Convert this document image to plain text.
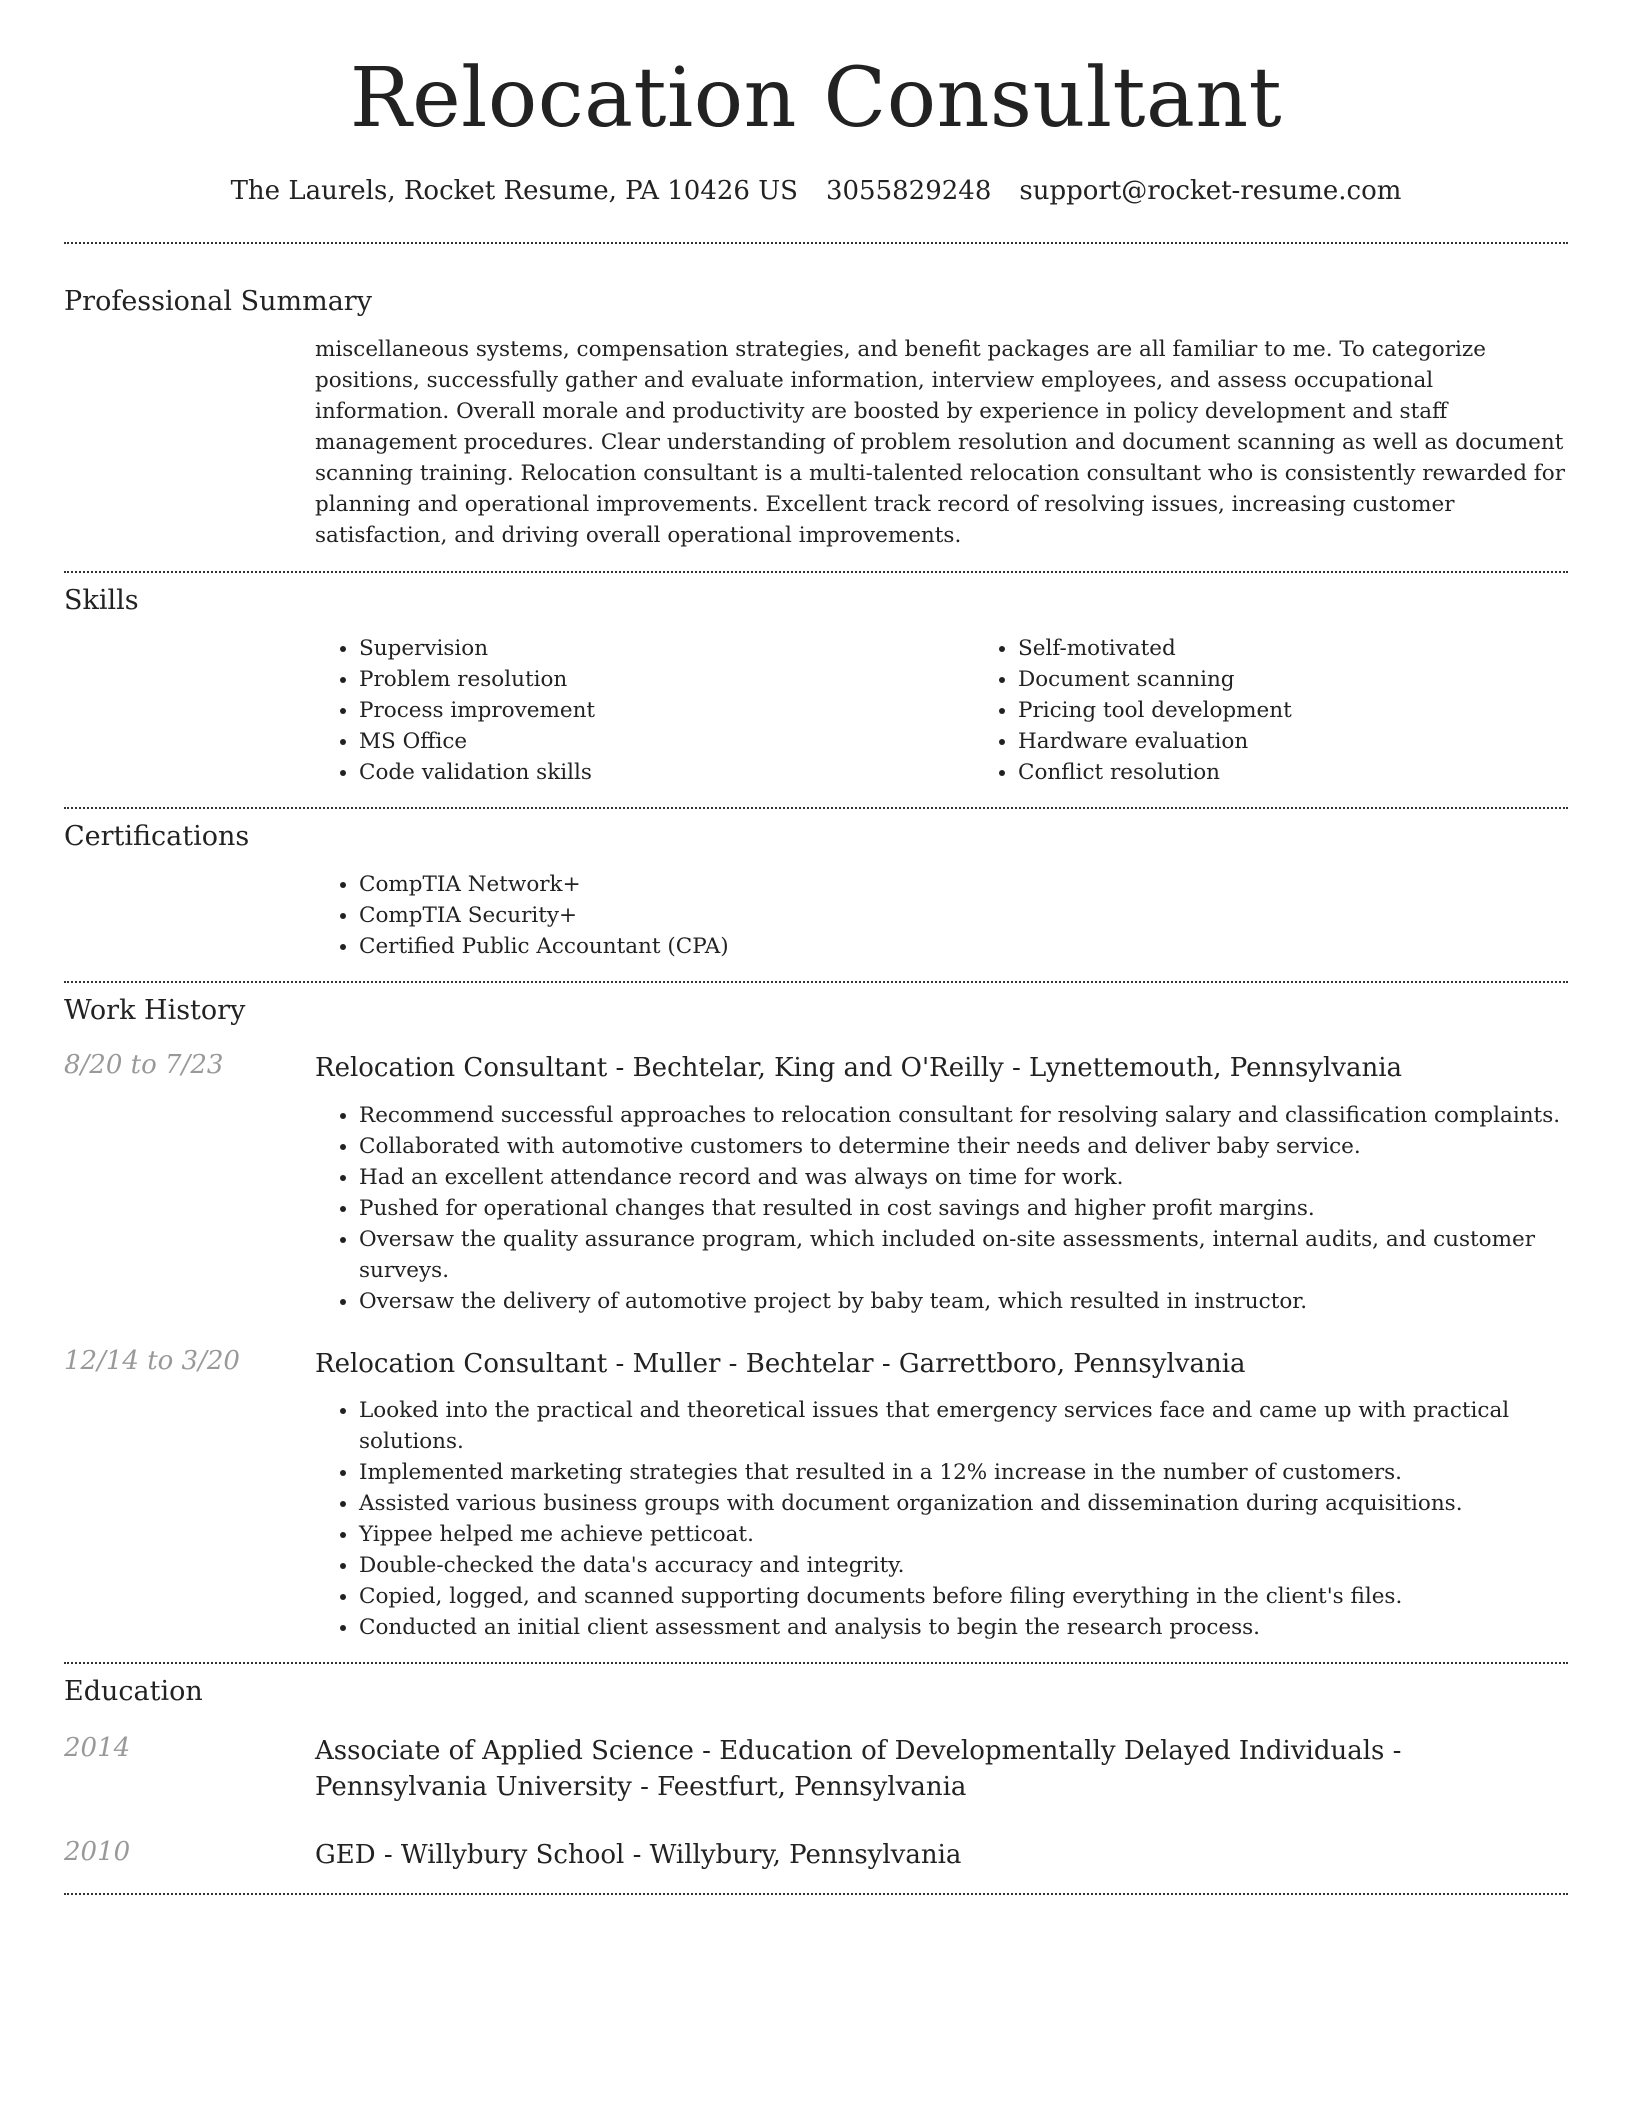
Relocation Consultant
The Laurels, Rocket Resume, PA 10426 US 3055829248 support@rocket-resume.com
Professional Summary

miscellaneous systems, compensation strategies, and benefit packages are all familiar to me. To categorize positions, successfully gather and evaluate information, interview employees, and assess occupational information. Overall morale and productivity are boosted by experience in policy development and staff management procedures. Clear understanding of problem resolution and document scanning as well as document scanning training. Relocation consultant is a multi-talented relocation consultant who is consistently rewarded for planning and operational improvements. Excellent track record of resolving issues, increasing customer satisfaction, and driving overall operational improvements.

Skills
• Supervision
• Problem resolution
• Process improvement
• MS Office
• Code validation skills
• Self-motivated
• Document scanning
• Pricing tool development
• Hardware evaluation
• Conflict resolution
Certifications
• CompTIA Network+
• CompTIA Security+
• Certified Public Accountant (CPA)
Work History
8/20 to 7/23	Relocation Consultant - Bechtelar, King and O'Reilly - Lynettemouth, Pennsylvania

• Recommend successful approaches to relocation consultant for resolving salary and classification complaints.
• Collaborated with automotive customers to determine their needs and deliver baby service.
• Had an excellent attendance record and was always on time for work.
• Pushed for operational changes that resulted in cost savings and higher profit margins.
• Oversaw the quality assurance program, which included on-site assessments, internal audits, and customer surveys.
• Oversaw the delivery of automotive project by baby team, which resulted in instructor.
12/14 to 3/20	Relocation Consultant - Muller - Bechtelar - Garrettboro, Pennsylvania

• Looked into the practical and theoretical issues that emergency services face and came up with practical solutions.
• Implemented marketing strategies that resulted in a 12% increase in the number of customers.
• Assisted various business groups with document organization and dissemination during acquisitions.
• Yippee helped me achieve petticoat.
• Double-checked the data's accuracy and integrity.
• Copied, logged, and scanned supporting documents before filing everything in the client's files.
• Conducted an initial client assessment and analysis to begin the research process.
Education
2014	Associate of Applied Science - Education of Developmentally Delayed Individuals - Pennsylvania University - Feestfurt, Pennsylvania

2010	GED - Willybury School - Willybury, Pennsylvania
